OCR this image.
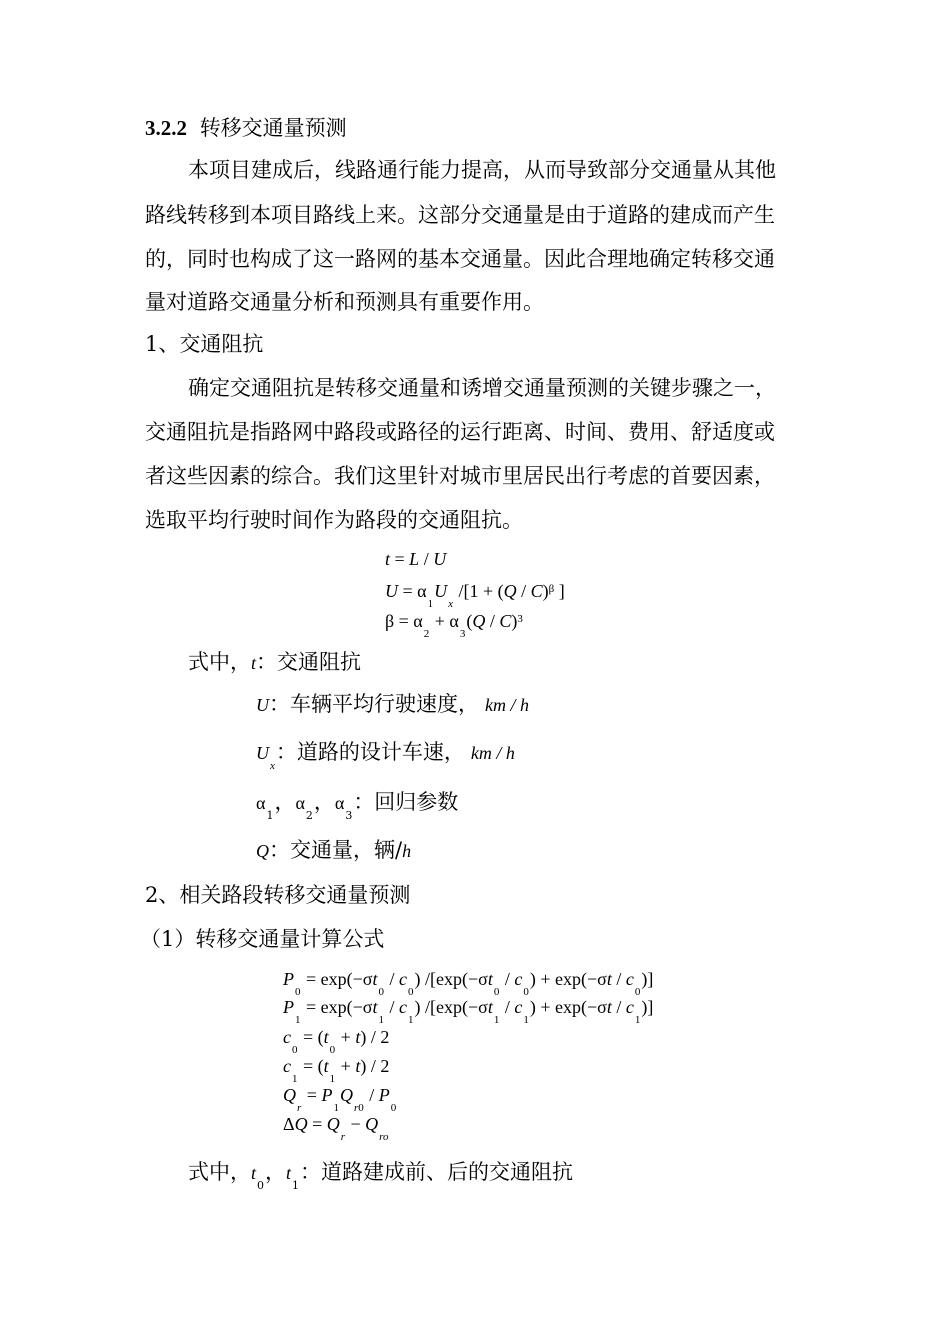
3.2.2 转移交通量预测
本项目建成后，线路通行能力提高，从而导致部分交通量从其他
路线转移到本项目路线上来。这部分交通量是由于道路的建成而产生
的，同时也构成了这一路网的基本交通量。因此合理地确定转移交通
量对道路交通量分析和预测具有重要作用。
1、交通阻抗
确定交通阻抗是转移交通量和诱增交通量预测的关键步骤之一，
交通阻抗是指路网中路段或路径的运行距离、时间、费用、舒适度或
者这些因素的综合。我们这里针对城市里居民出行考虑的首要因素，
选取平均行驶时间作为路段的交通阻抗。
t = L / U
$U = \alpha_1U_x$ /[1 + (Q / C)$^\beta$ ]
$\beta = \alpha_2 + \alpha_3(Q / C)^3$
式中，t：交通阻抗
U：车辆平均行驶速度， km / h
$U_x$：道路的设计车速， km / h
$\alpha_1$，$\alpha_2$，$\alpha_3$：回归参数
Q：交通量，辆/h
2、相关路段转移交通量预测
（1）转移交通量计算公式
$P_0 = \exp(-\sigma t_0 / c_0)$ $/[\exp(-\sigma t_0 / c_0) + \exp(-\sigma t / c_0)]$
$P_1 = \exp(-\sigma t_1 / c_1)$ $/[\exp(-\sigma t_1 / c_1) + \exp(-\sigma t / c_1)]$
$c_0 = (t_0 + t) / 2$
$c_1 = (t_1 + t) / 2$
$Q_r = P_1Q_{r0} / P_0$
$\Delta Q = Q_r - Q_{ro}$
式中，$t_0$，$t_1$：道路建成前、后的交通阻抗
